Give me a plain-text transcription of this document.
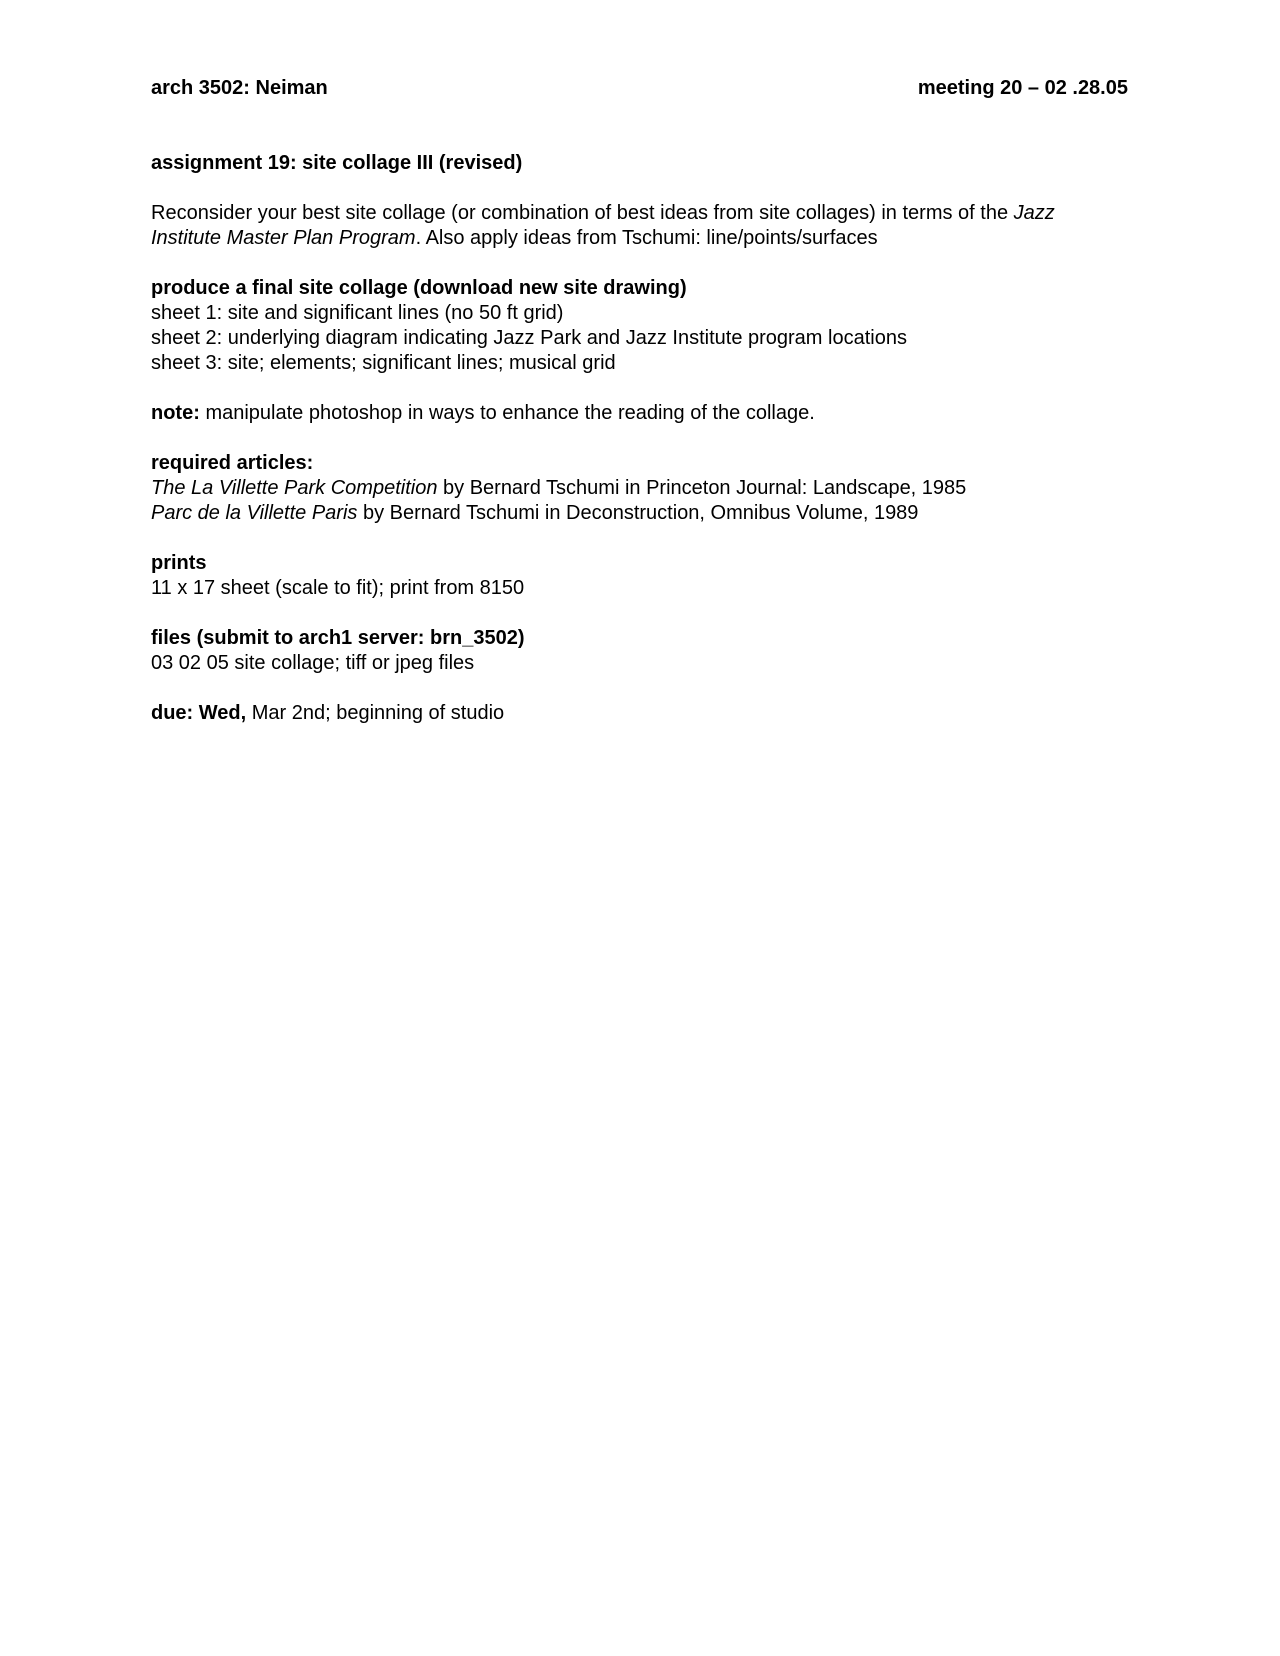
arch 3502: Neiman	meeting 20 – 02 .28.05
assignment 19: site collage III (revised)
Reconsider your best site collage (or combination of best ideas from site collages) in terms of the Jazz Institute Master Plan Program. Also apply ideas from Tschumi: line/points/surfaces
produce a final site collage (download new site drawing)
sheet 1: site and significant lines (no 50 ft grid)
sheet 2: underlying diagram indicating Jazz Park and Jazz Institute program locations
sheet 3: site; elements; significant lines; musical grid
note: manipulate photoshop in ways to enhance the reading of the collage.
required articles:
The La Villette Park Competition by Bernard Tschumi in Princeton Journal: Landscape, 1985
Parc de la Villette Paris by Bernard Tschumi in Deconstruction, Omnibus Volume, 1989
prints
11 x 17 sheet (scale to fit); print from 8150
files (submit to arch1 server: brn_3502)
03 02 05 site collage; tiff or jpeg files
due: Wed, Mar 2nd; beginning of studio
